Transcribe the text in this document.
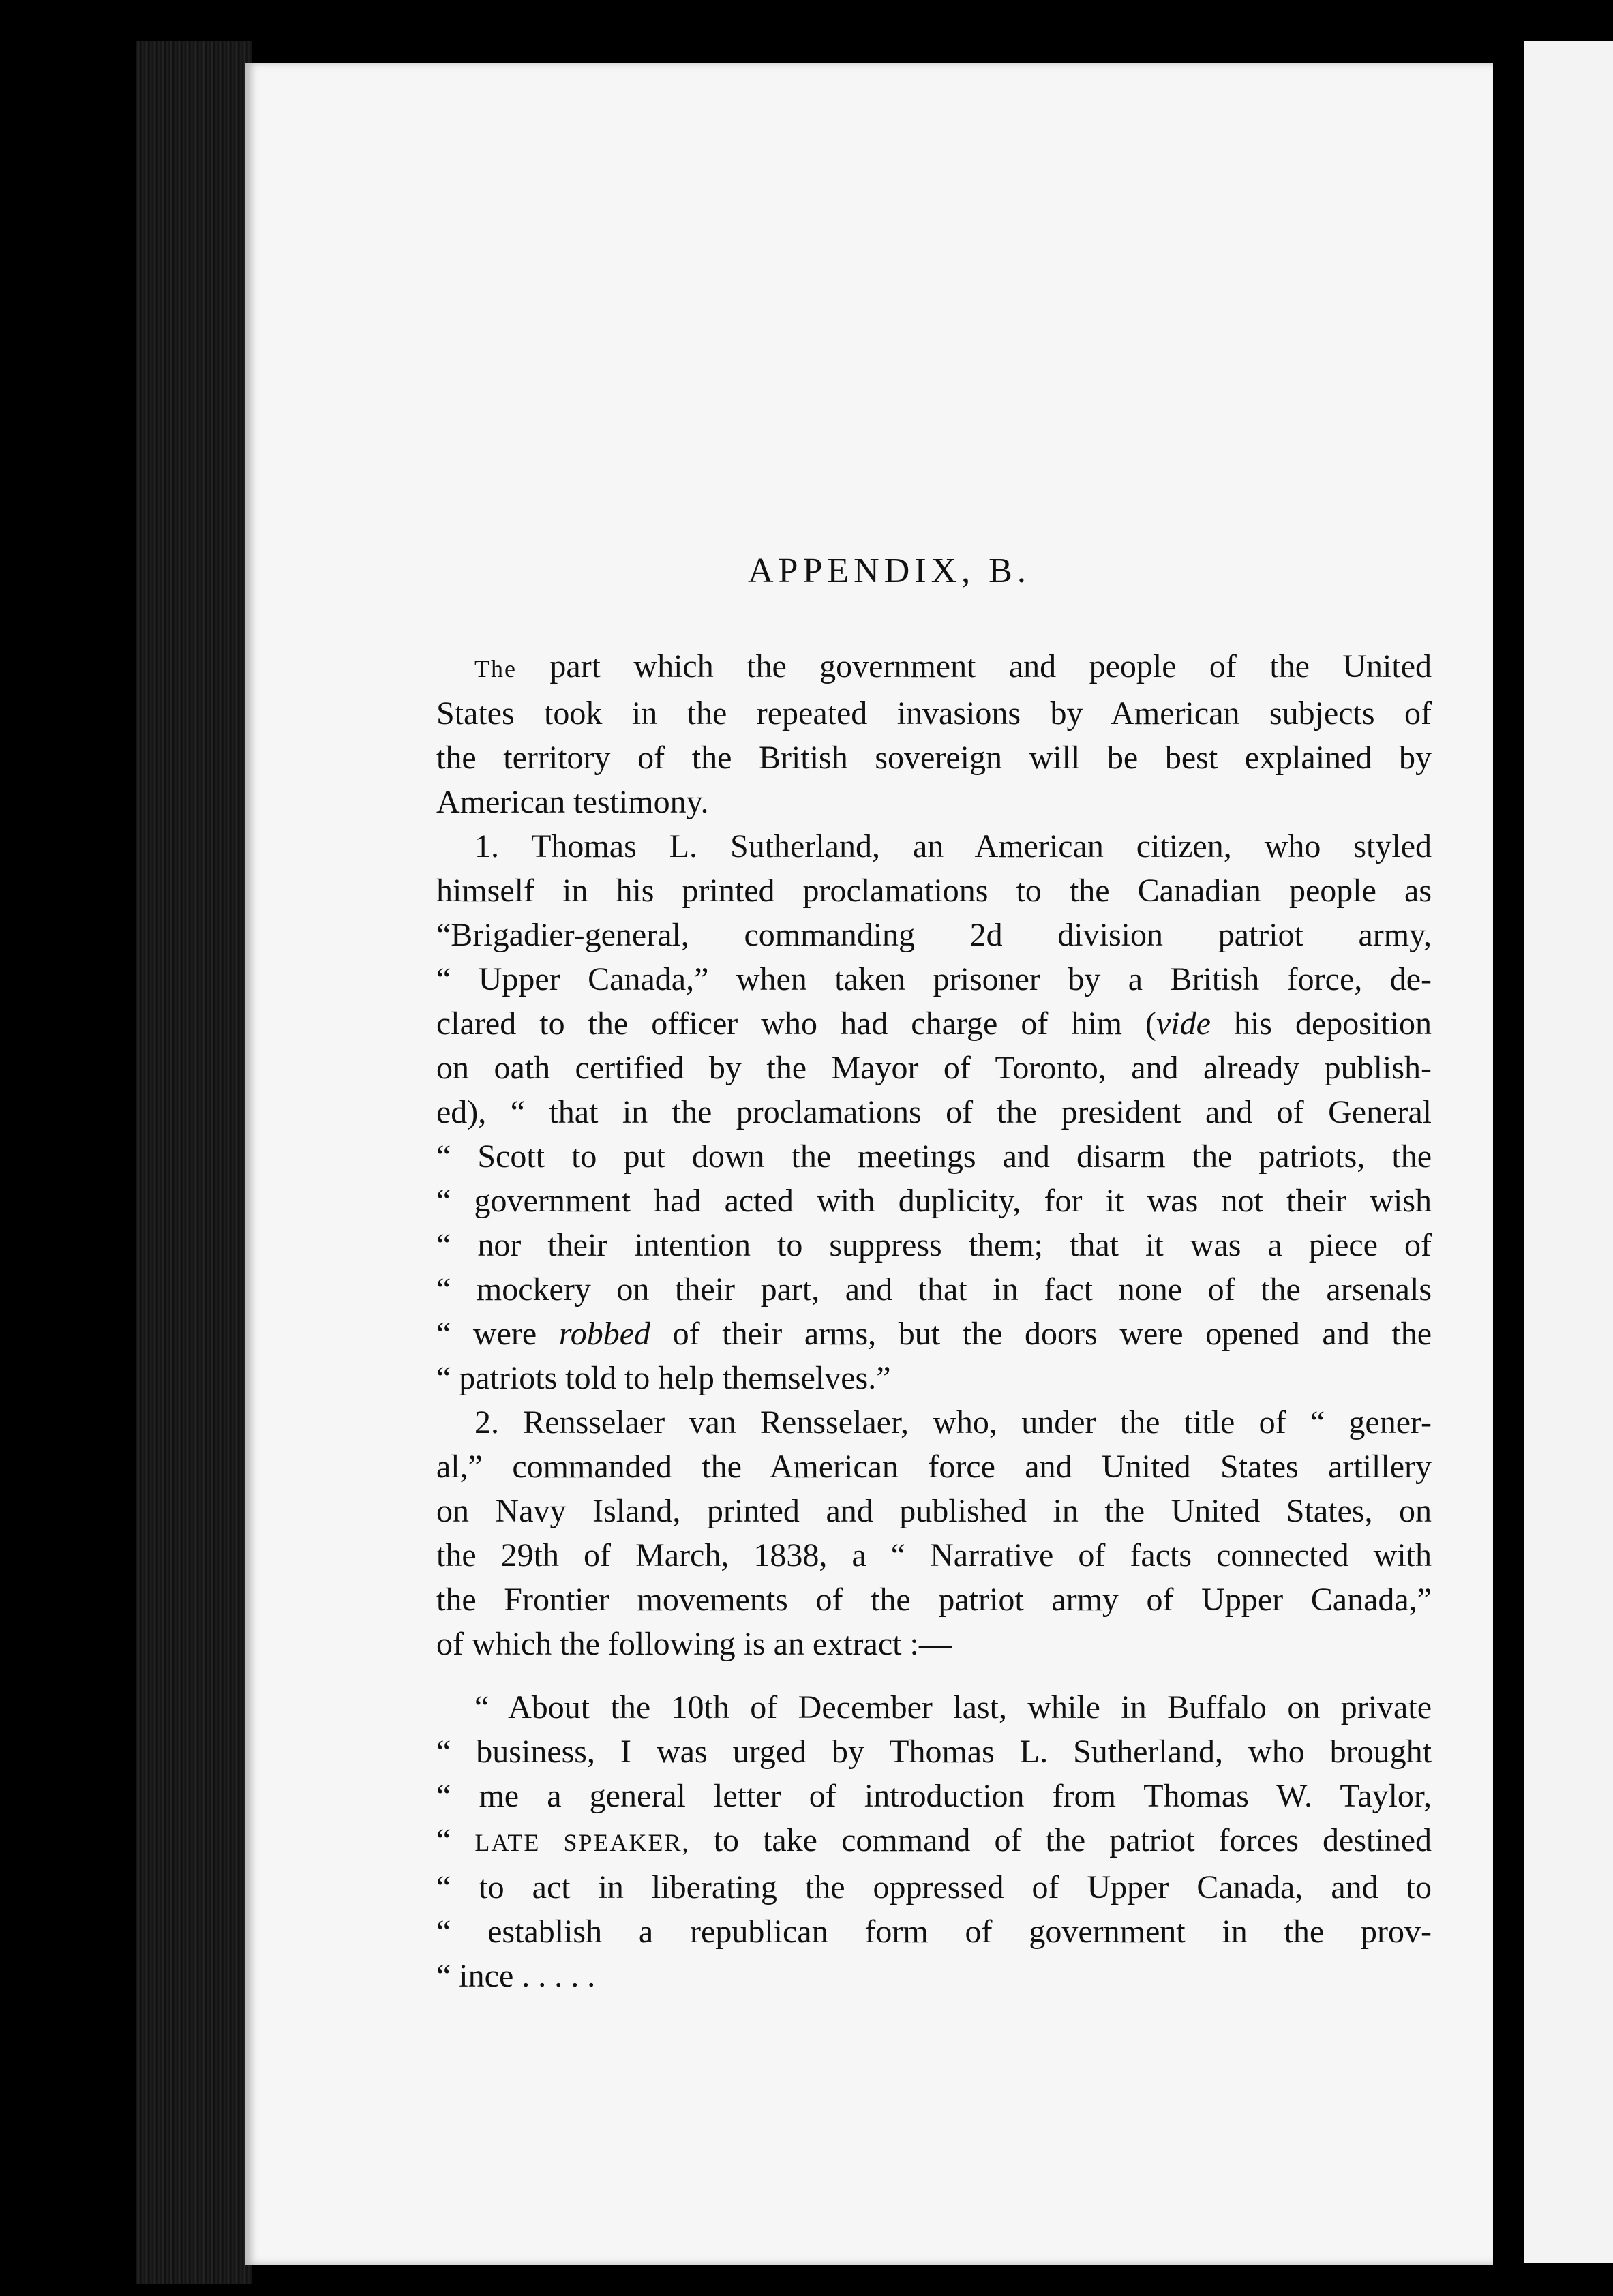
APPENDIX, B.
The part which the government and people of the United
States took in the repeated invasions by American subjects of
the territory of the British sovereign will be best explained by
American testimony.
1. Thomas L. Sutherland, an American citizen, who styled
himself in his printed proclamations to the Canadian people as
“Brigadier-general, commanding 2d division patriot army,
“ Upper Canada,” when taken prisoner by a British force, de-
clared to the officer who had charge of him (vide his deposition
on oath certified by the Mayor of Toronto, and already publish-
ed), “ that in the proclamations of the president and of General
“ Scott to put down the meetings and disarm the patriots, the
“ government had acted with duplicity, for it was not their wish
“ nor their intention to suppress them; that it was a piece of
“ mockery on their part, and that in fact none of the arsenals
“ were robbed of their arms, but the doors were opened and the
“ patriots told to help themselves.”
2. Rensselaer van Rensselaer, who, under the title of “ gener-
al,” commanded the American force and United States artillery
on Navy Island, printed and published in the United States, on
the 29th of March, 1838, a “ Narrative of facts connected with
the Frontier movements of the patriot army of Upper Canada,”
of which the following is an extract :—
“ About the 10th of December last, while in Buffalo on private
“ business, I was urged by Thomas L. Sutherland, who brought
“ me a general letter of introduction from Thomas W. Taylor,
“ LATE SPEAKER, to take command of the patriot forces destined
“ to act in liberating the oppressed of Upper Canada, and to
“ establish a republican form of government in the prov-
“ ince . . . . .
